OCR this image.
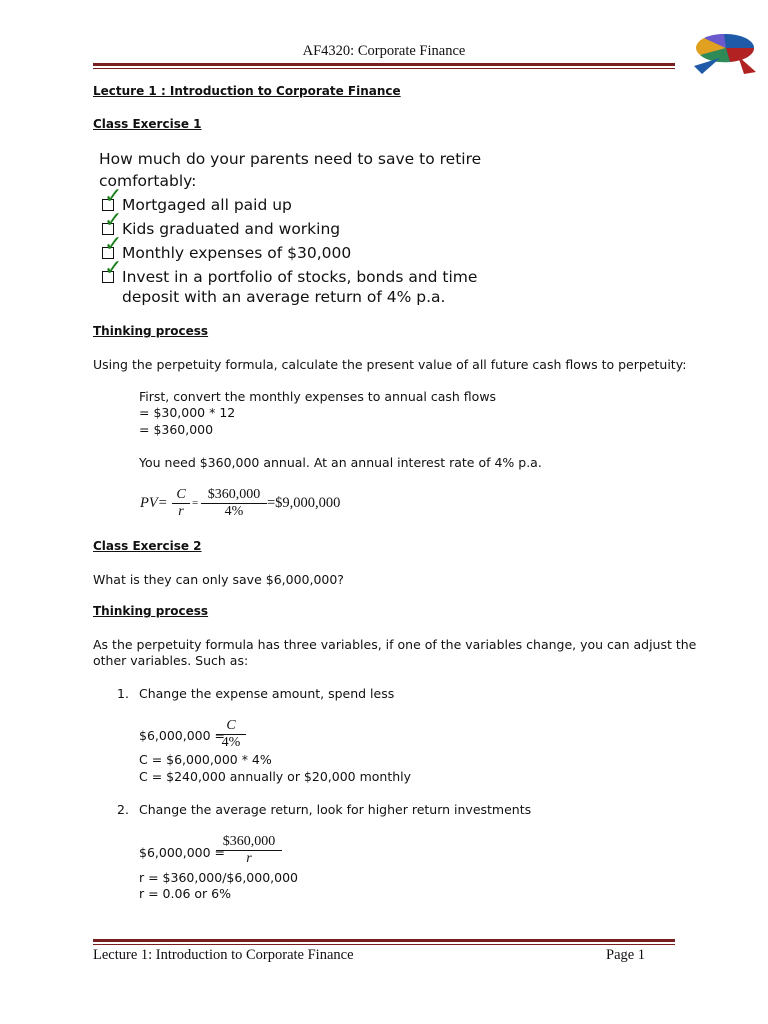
AF4320: Corporate Finance
Lecture 1 : Introduction to Corporate Finance
Class Exercise 1
How much do your parents need to save to retire
comfortably:
✓ Mortgaged all paid up
✓ Kids graduated and working
✓ Monthly expenses of $30,000
✓ Invest in a portfolio of stocks, bonds and time
deposit with an average return of 4% p.a.
Thinking process
Using the perpetuity formula, calculate the present value of all future cash flows to perpetuity:
First, convert the monthly expenses to annual cash flows
= $30,000 * 12
= $360,000
You need $360,000 annual. At an annual interest rate of 4% p.a.
$PV= \frac{C}{r} = \frac{\$360,000}{4\%}$ =$9,000,000
Class Exercise 2
What is they can only save $6,000,000?
Thinking process
As the perpetuity formula has three variables, if one of the variables change, you can adjust the
other variables. Such as:
1. Change the expense amount, spend less
$6,000,000 =
$\frac{C}{4\%}$
C = $6,000,000 * 4%
C = $240,000 annually or $20,000 monthly
2. Change the average return, look for higher return investments
$6,000,000 =
$\frac{\$360,000}{r}$
r = $360,000/$6,000,000
r = 0.06 or 6%
Lecture 1: Introduction to Corporate Finance	Page 1
